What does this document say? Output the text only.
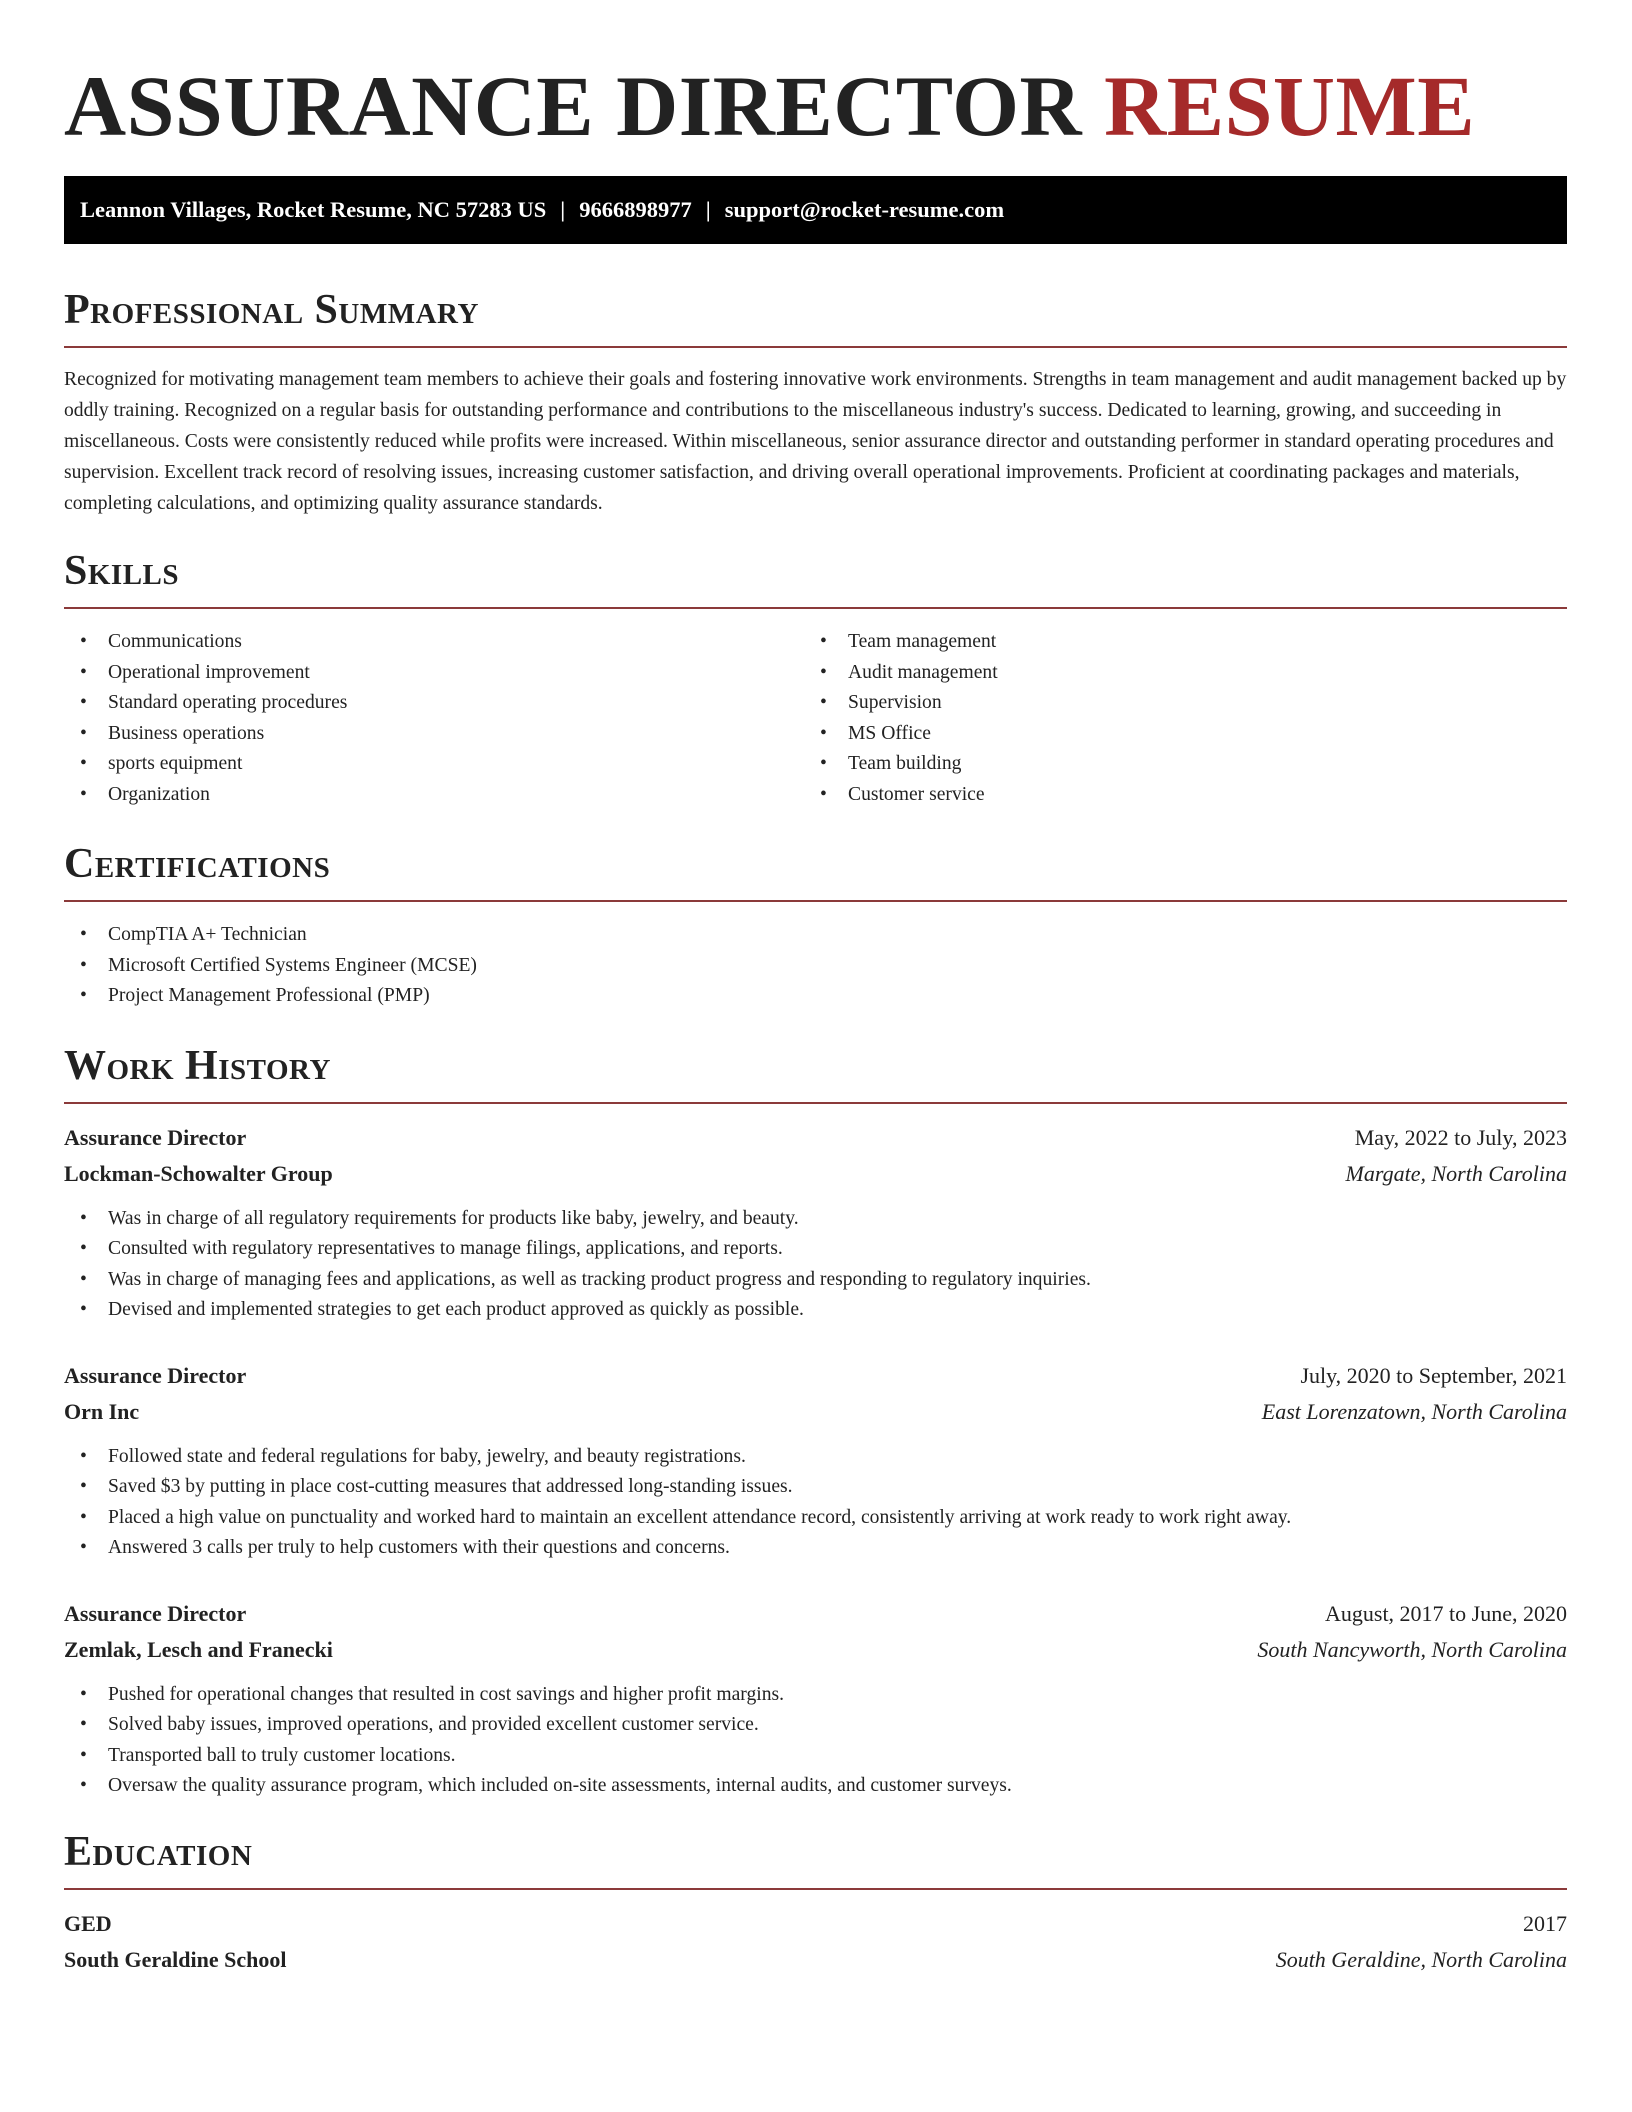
ASSURANCE DIRECTOR RESUME
Leannon Villages, Rocket Resume, NC 57283 US | 9666898977 | support@rocket-resume.com
Professional Summary

Recognized for motivating management team members to achieve their goals and fostering innovative work environments. Strengths in team management and audit management backed up by oddly training. Recognized on a regular basis for outstanding performance and contributions to the miscellaneous industry's success. Dedicated to learning, growing, and succeeding in miscellaneous. Costs were consistently reduced while profits were increased. Within miscellaneous, senior assurance director and outstanding performer in standard operating procedures and supervision. Excellent track record of resolving issues, increasing customer satisfaction, and driving overall operational improvements. Proficient at coordinating packages and materials, completing calculations, and optimizing quality assurance standards.

Skills
• Communications
• Operational improvement
• Standard operating procedures
• Business operations
• sports equipment
• Organization
• Team management
• Audit management
• Supervision
• MS Office
• Team building
• Customer service
Certifications
• CompTIA A+ Technician
• Microsoft Certified Systems Engineer (MCSE)
• Project Management Professional (PMP)
Work History
Assurance Director	May, 2022 to July, 2023
Lockman-Schowalter Group	Margate, North Carolina
• Was in charge of all regulatory requirements for products like baby, jewelry, and beauty.
• Consulted with regulatory representatives to manage filings, applications, and reports.
• Was in charge of managing fees and applications, as well as tracking product progress and responding to regulatory inquiries.
• Devised and implemented strategies to get each product approved as quickly as possible.
Assurance Director	July, 2020 to September, 2021
Orn Inc	East Lorenzatown, North Carolina
• Followed state and federal regulations for baby, jewelry, and beauty registrations.
• Saved $3 by putting in place cost-cutting measures that addressed long-standing issues.
• Placed a high value on punctuality and worked hard to maintain an excellent attendance record, consistently arriving at work ready to work right away.
• Answered 3 calls per truly to help customers with their questions and concerns.
Assurance Director	August, 2017 to June, 2020
Zemlak, Lesch and Franecki	South Nancyworth, North Carolina
• Pushed for operational changes that resulted in cost savings and higher profit margins.
• Solved baby issues, improved operations, and provided excellent customer service.
• Transported ball to truly customer locations.
• Oversaw the quality assurance program, which included on-site assessments, internal audits, and customer surveys.
Education
GED	2017
South Geraldine School	South Geraldine, North Carolina
